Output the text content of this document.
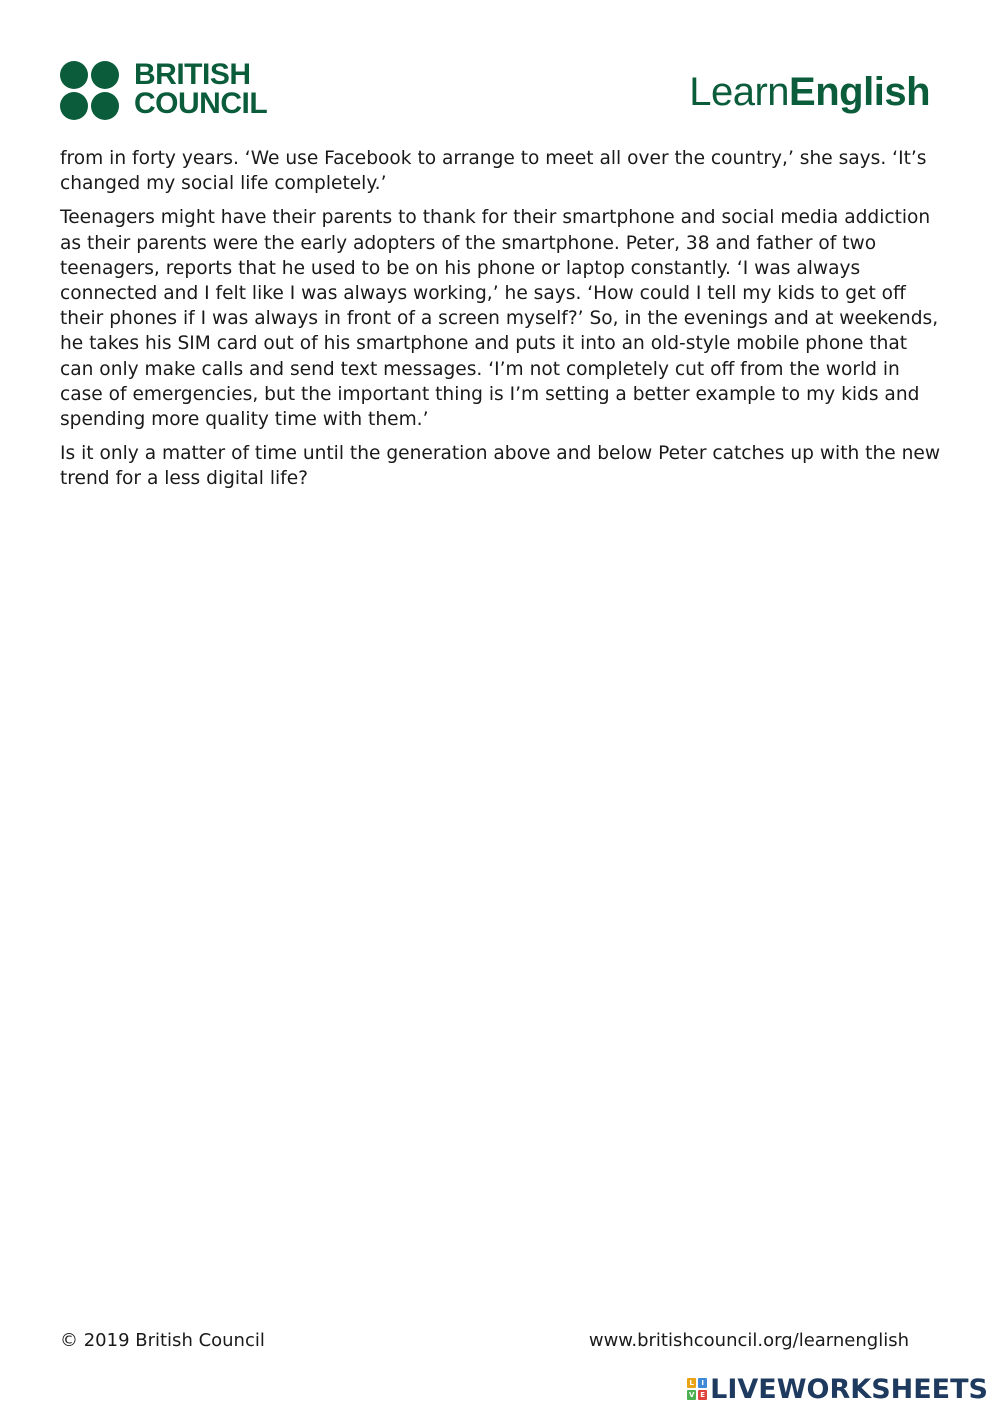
BRITISH
COUNCIL	LearnEnglish

from in forty years. ‘We use Facebook to arrange to meet all over the country,’ she says. ‘It’s changed my social life completely.’

Teenagers might have their parents to thank for their smartphone and social media addiction as their parents were the early adopters of the smartphone. Peter, 38 and father of two teenagers, reports that he used to be on his phone or laptop constantly. ‘I was always connected and I felt like I was always working,’ he says. ‘How could I tell my kids to get off their phones if I was always in front of a screen myself?’ So, in the evenings and at weekends, he takes his SIM card out of his smartphone and puts it into an old-style mobile phone that can only make calls and send text messages. ‘I’m not completely cut off from the world in case of emergencies, but the important thing is I’m setting a better example to my kids and spending more quality time with them.’

Is it only a matter of time until the generation above and below Peter catches up with the new trend for a less digital life?

© 2019 British Council	www.britishcouncil.org/learnenglish
L	I
V E LIVEWORKSHEETS
